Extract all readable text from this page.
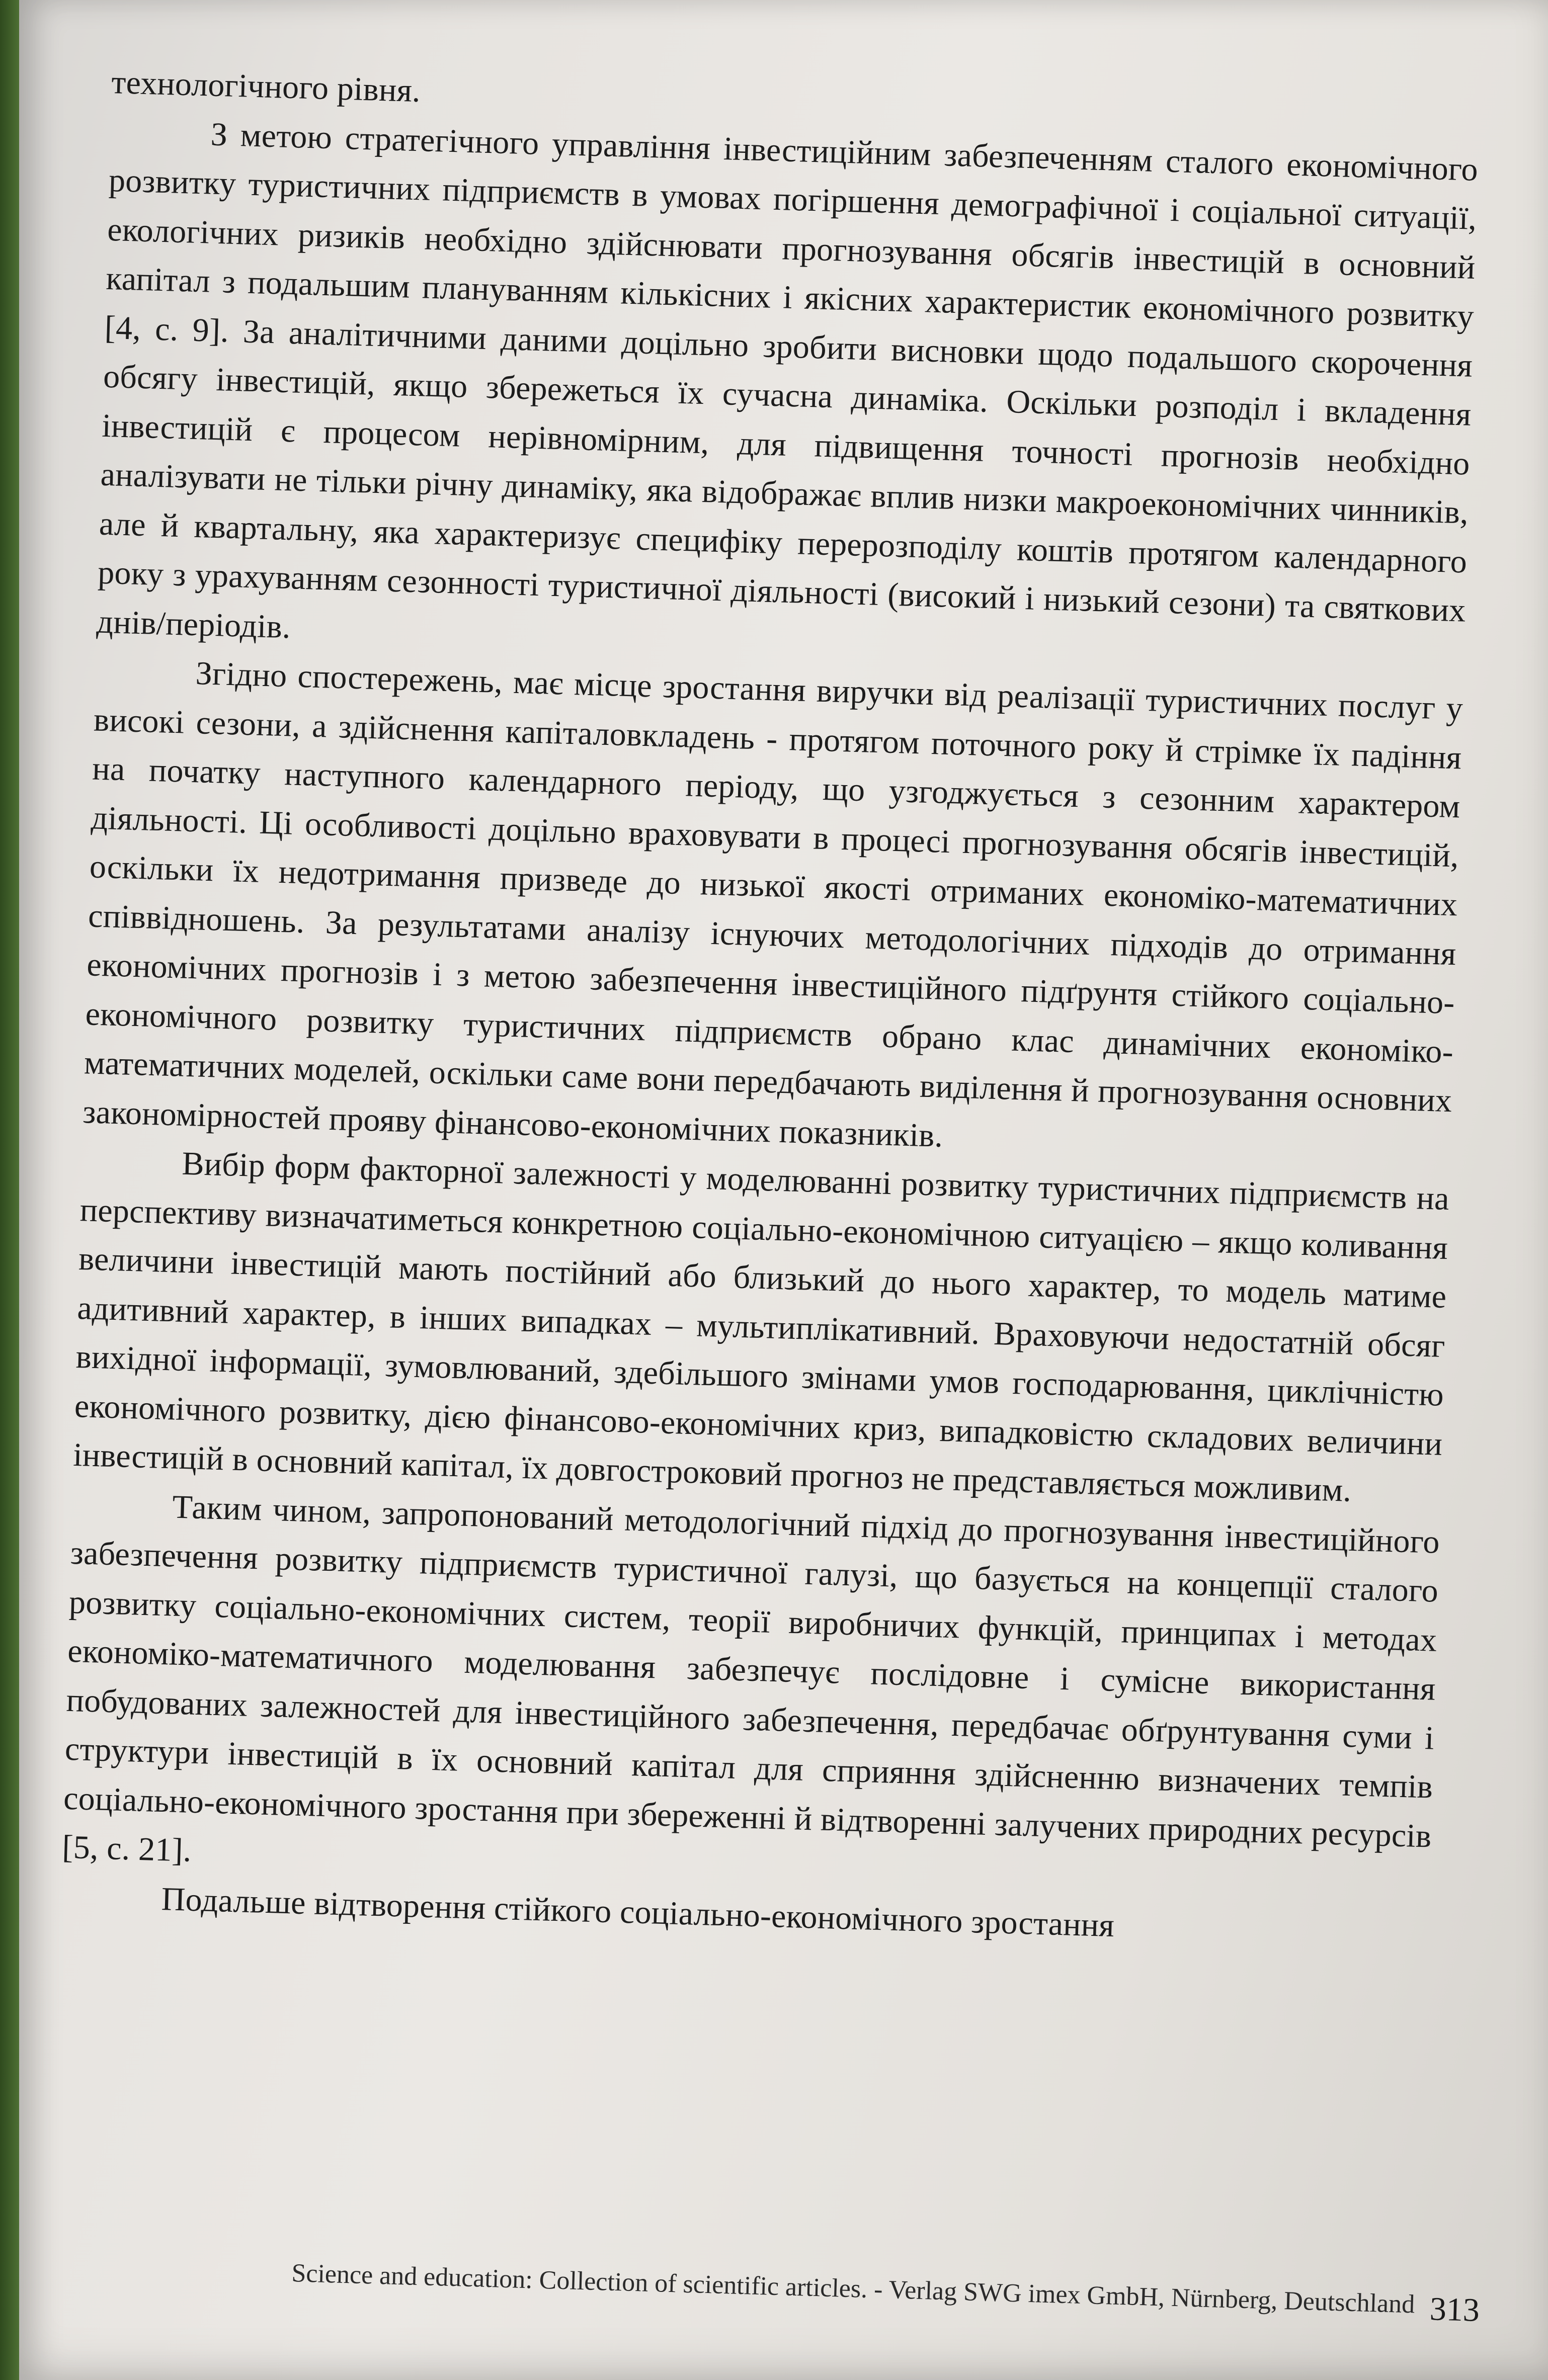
технологічного рівня.

З метою стратегічного управління інвестиційним забезпеченням сталого економічного розвитку туристичних підприємств в умовах погіршення демографічної і соціальної ситуації, екологічних ризиків необхідно здійснювати прогнозування обсягів інвестицій в основний капітал з подальшим плануванням кількісних і якісних характеристик економічного розвитку [4, с. 9]. За аналітичними даними доцільно зробити висновки щодо подальшого скорочення обсягу інвестицій, якщо збережеться їх сучасна динаміка. Оскільки розподіл і вкладення інвестицій є процесом нерівномірним, для підвищення точності прогнозів необхідно аналізувати не тільки річну динаміку, яка відображає вплив низки макроекономічних чинників, але й квартальну, яка характеризує специфіку перерозподілу коштів протягом календарного року з урахуванням сезонності туристичної діяльності (високий і низький сезони) та святкових днів/періодів.

Згідно спостережень, має місце зростання виручки від реалізації туристичних послуг у високі сезони, а здійснення капіталовкладень - протягом поточного року й стрімке їх падіння на початку наступного календарного періоду, що узгоджується з сезонним характером діяльності. Ці особливості доцільно враховувати в процесі прогнозування обсягів інвестицій, оскільки їх недотримання призведе до низької якості отриманих економіко-математичних співвідношень. За результатами аналізу існуючих методологічних підходів до отримання економічних прогнозів і з метою забезпечення інвестиційного підґрунтя стійкого соціально-економічного розвитку туристичних підприємств обрано клас динамічних економіко-математичних моделей, оскільки саме вони передбачають виділення й прогнозування основних закономірностей прояву фінансово-економічних показників.

Вибір форм факторної залежності у моделюванні розвитку туристичних підприємств на перспективу визначатиметься конкретною соціально-економічною ситуацією – якщо коливання величини інвестицій мають постійний або близький до нього характер, то модель матиме адитивний характер, в інших випадках – мультиплікативний. Враховуючи недостатній обсяг вихідної інформації, зумовлюваний, здебільшого змінами умов господарювання, циклічністю економічного розвитку, дією фінансово-економічних криз, випадковістю складових величини інвестицій в основний капітал, їх довгостроковий прогноз не представляється можливим.

Таким чином, запропонований методологічний підхід до прогнозування інвестиційного забезпечення розвитку підприємств туристичної галузі, що базується на концепції сталого розвитку соціально-економічних систем, теорії виробничих функцій, принципах і методах економіко-математичного моделювання забезпечує послідовне і сумісне використання побудованих залежностей для інвестиційного забезпечення, передбачає обґрунтування суми і структури інвестицій в їх основний капітал для сприяння здійсненню визначених темпів соціально-економічного зростання при збереженні й відтворенні залучених природних ресурсів [5, с. 21].

Подальше відтворення стійкого соціально-економічного зростання

Science and education: Collection of scientific articles. - Verlag SWG imex GmbH, Nürnberg, Deutschland 313
